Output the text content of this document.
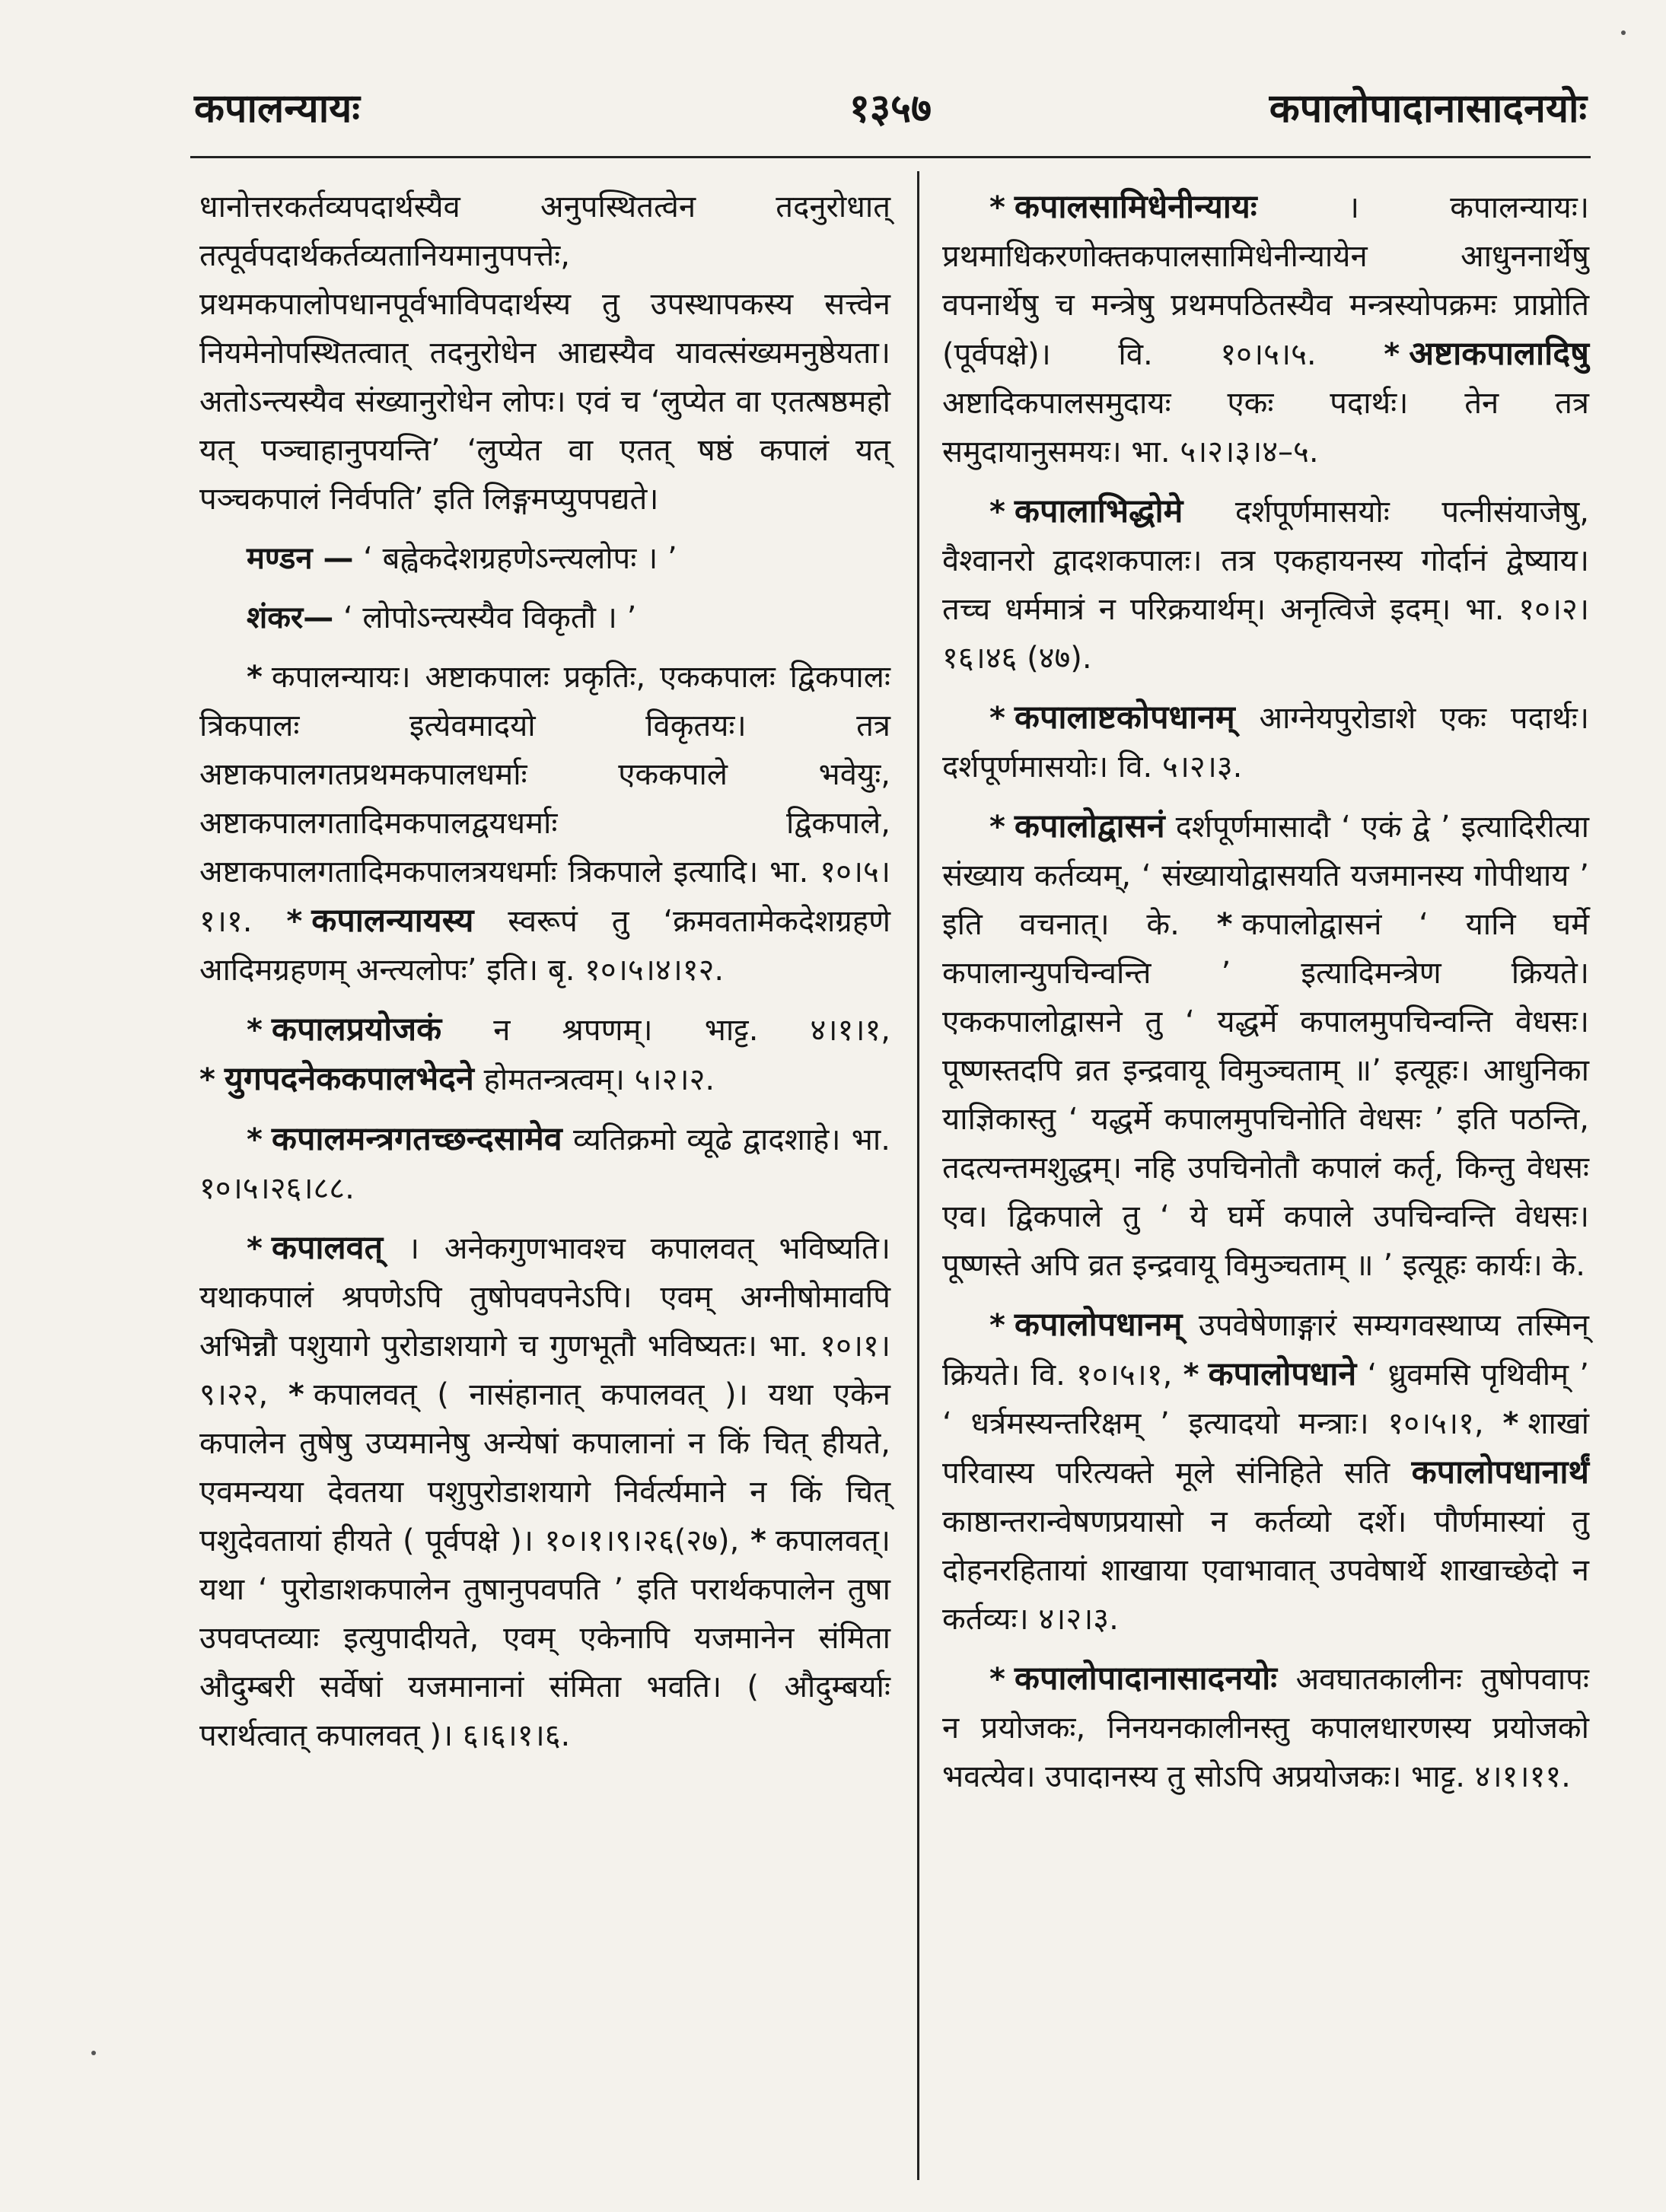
कपालन्यायः	१३५७	कपालोपादानासादनयोः

धानोत्तरकर्तव्यपदार्थस्यैव अनुपस्थितत्वेन तदनुरोधात् तत्पूर्वपदार्थकर्तव्यतानियमानुपपत्तेः, प्रथमकपालोपधानपूर्वभाविपदार्थस्य तु उपस्थापकस्य सत्त्वेन नियमेनोपस्थितत्वात् तदनुरोधेन आद्यस्यैव यावत्संख्यमनुष्ठेयता। अतोऽन्त्यस्यैव संख्यानुरोधेन लोपः। एवं च ‘लुप्येत वा एतत्षष्ठमहो यत् पञ्चाहानुपयन्ति’ ‘लुप्येत वा एतत् षष्ठं कपालं यत् पञ्चकपालं निर्वपति’ इति लिङ्गमप्युपपद्यते।

मण्डन — ‘ बह्वेकदेशग्रहणेऽन्त्यलोपः । ’

शंकर— ‘ लोपोऽन्त्यस्यैव विकृतौ । ’

* कपालन्यायः। अष्टाकपालः प्रकृतिः, एककपालः द्विकपालः त्रिकपालः इत्येवमादयो विकृतयः। तत्र अष्टाकपालगतप्रथमकपालधर्माः एककपाले भवेयुः, अष्टाकपालगतादिमकपालद्वयधर्माः द्विकपाले, अष्टाकपालगतादिमकपालत्रयधर्माः त्रिकपाले इत्यादि। भा. १०।५।१।१. * कपालन्यायस्य स्वरूपं तु ‘क्रमवतामेकदेशग्रहणे आदिमग्रहणम् अन्त्यलोपः’ इति। बृ. १०।५।४।१२.

* कपालप्रयोजकं न श्रपणम्। भाट्ट. ४।१।१, * युगपदनेककपालभेदने होमतन्त्रत्वम्। ५।२।२.

* कपालमन्त्रगतच्छन्दसामेव व्यतिक्रमो व्यूढे द्वादशाहे। भा. १०।५।२६।८८.

* कपालवत् । अनेकगुणभावश्च कपालवत् भविष्यति। यथाकपालं श्रपणेऽपि तुषोपवपनेऽपि। एवम् अग्नीषोमावपि अभिन्नौ पशुयागे पुरोडाशयागे च गुणभूतौ भविष्यतः। भा. १०।१।९।२२, * कपालवत् ( नासंहानात् कपालवत् )। यथा एकेन कपालेन तुषेषु उप्यमानेषु अन्येषां कपालानां न किं चित् हीयते, एवमन्यया देवतया पशुपुरोडाशयागे निर्वर्त्यमाने न किं चित् पशुदेवतायां हीयते ( पूर्वपक्षे )। १०।१।९।२६(२७), * कपालवत्। यथा ‘ पुरोडाशकपालेन तुषानुपवपति ’ इति परार्थकपालेन तुषा उपवप्तव्याः इत्युपादीयते, एवम् एकेनापि यजमानेन संमिता औदुम्बरी सर्वेषां यजमानानां संमिता भवति। ( औदुम्बर्याः परार्थत्वात् कपालवत् )। ६।६।१।६.

* कपालसामिधेनीन्यायः	। कपालन्यायः। प्रथमाधिकरणोक्तकपालसामिधेनीन्यायेन आधुननार्थेषु वपनार्थेषु च मन्त्रेषु प्रथमपठितस्यैव मन्त्रस्योपक्रमः प्राप्नोति (पूर्वपक्षे)। वि. १०।५।५. * अष्टाकपालादिषु अष्टादिकपालसमुदायः एकः पदार्थः। तेन तत्र समुदायानुसमयः। भा. ५।२।३।४–५.

* कपालाभिद्धोमे दर्शपूर्णमासयोः पत्नीसंयाजेषु, वैश्वानरो द्वादशकपालः। तत्र एकहायनस्य गोर्दानं द्वेष्याय। तच्च धर्ममात्रं न परिक्रयार्थम्। अनृत्विजे इदम्। भा. १०।२।१६।४६ (४७).

* कपालाष्टकोपधानम् आग्नेयपुरोडाशे एकः पदार्थः। दर्शपूर्णमासयोः। वि. ५।२।३.

* कपालोद्वासनं दर्शपूर्णमासादौ ‘ एकं द्वे ’ इत्यादिरीत्या संख्याय कर्तव्यम्, ‘ संख्यायोद्वासयति यजमानस्य गोपीथाय ’ इति वचनात्। के. * कपालोद्वासनं ‘ यानि घर्मे कपालान्युपचिन्वन्ति ’ इत्यादिमन्त्रेण क्रियते। एककपालोद्वासने तु ‘ यद्धर्मे कपालमुपचिन्वन्ति वेधसः। पूष्णस्तदपि व्रत इन्द्रवायू विमुञ्चताम् ॥’ इत्यूहः। आधुनिका याज्ञिकास्तु ‘ यद्धर्मे कपालमुपचिनोति वेधसः ’ इति पठन्ति, तदत्यन्तमशुद्धम्। नहि उपचिनोतौ कपालं कर्तृ, किन्तु वेधसः एव। द्विकपाले तु ‘ ये घर्मे कपाले उपचिन्वन्ति वेधसः। पूष्णस्ते अपि व्रत इन्द्रवायू विमुञ्चताम् ॥ ’ इत्यूहः कार्यः। के.

* कपालोपधानम् उपवेषेणाङ्गारं सम्यगवस्थाप्य तस्मिन् क्रियते। वि. १०।५।१, * कपालोपधाने ‘ ध्रुवमसि पृथिवीम् ’ ‘ धर्त्रमस्यन्तरिक्षम् ’ इत्यादयो मन्त्राः। १०।५।१, * शाखां परिवास्य परित्यक्ते मूले संनिहिते सति कपालोपधानार्थं काष्ठान्तरान्वेषणप्रयासो न कर्तव्यो दर्शे। पौर्णमास्यां तु दोहनरहितायां शाखाया एवाभावात् उपवेषार्थे शाखाच्छेदो न कर्तव्यः। ४।२।३.

* कपालोपादानासादनयोः अवघातकालीनः तुषोपवापः न प्रयोजकः, निनयनकालीनस्तु कपालधारणस्य प्रयोजको भवत्येव। उपादानस्य तु सोऽपि अप्रयोजकः। भाट्ट. ४।१।११.
